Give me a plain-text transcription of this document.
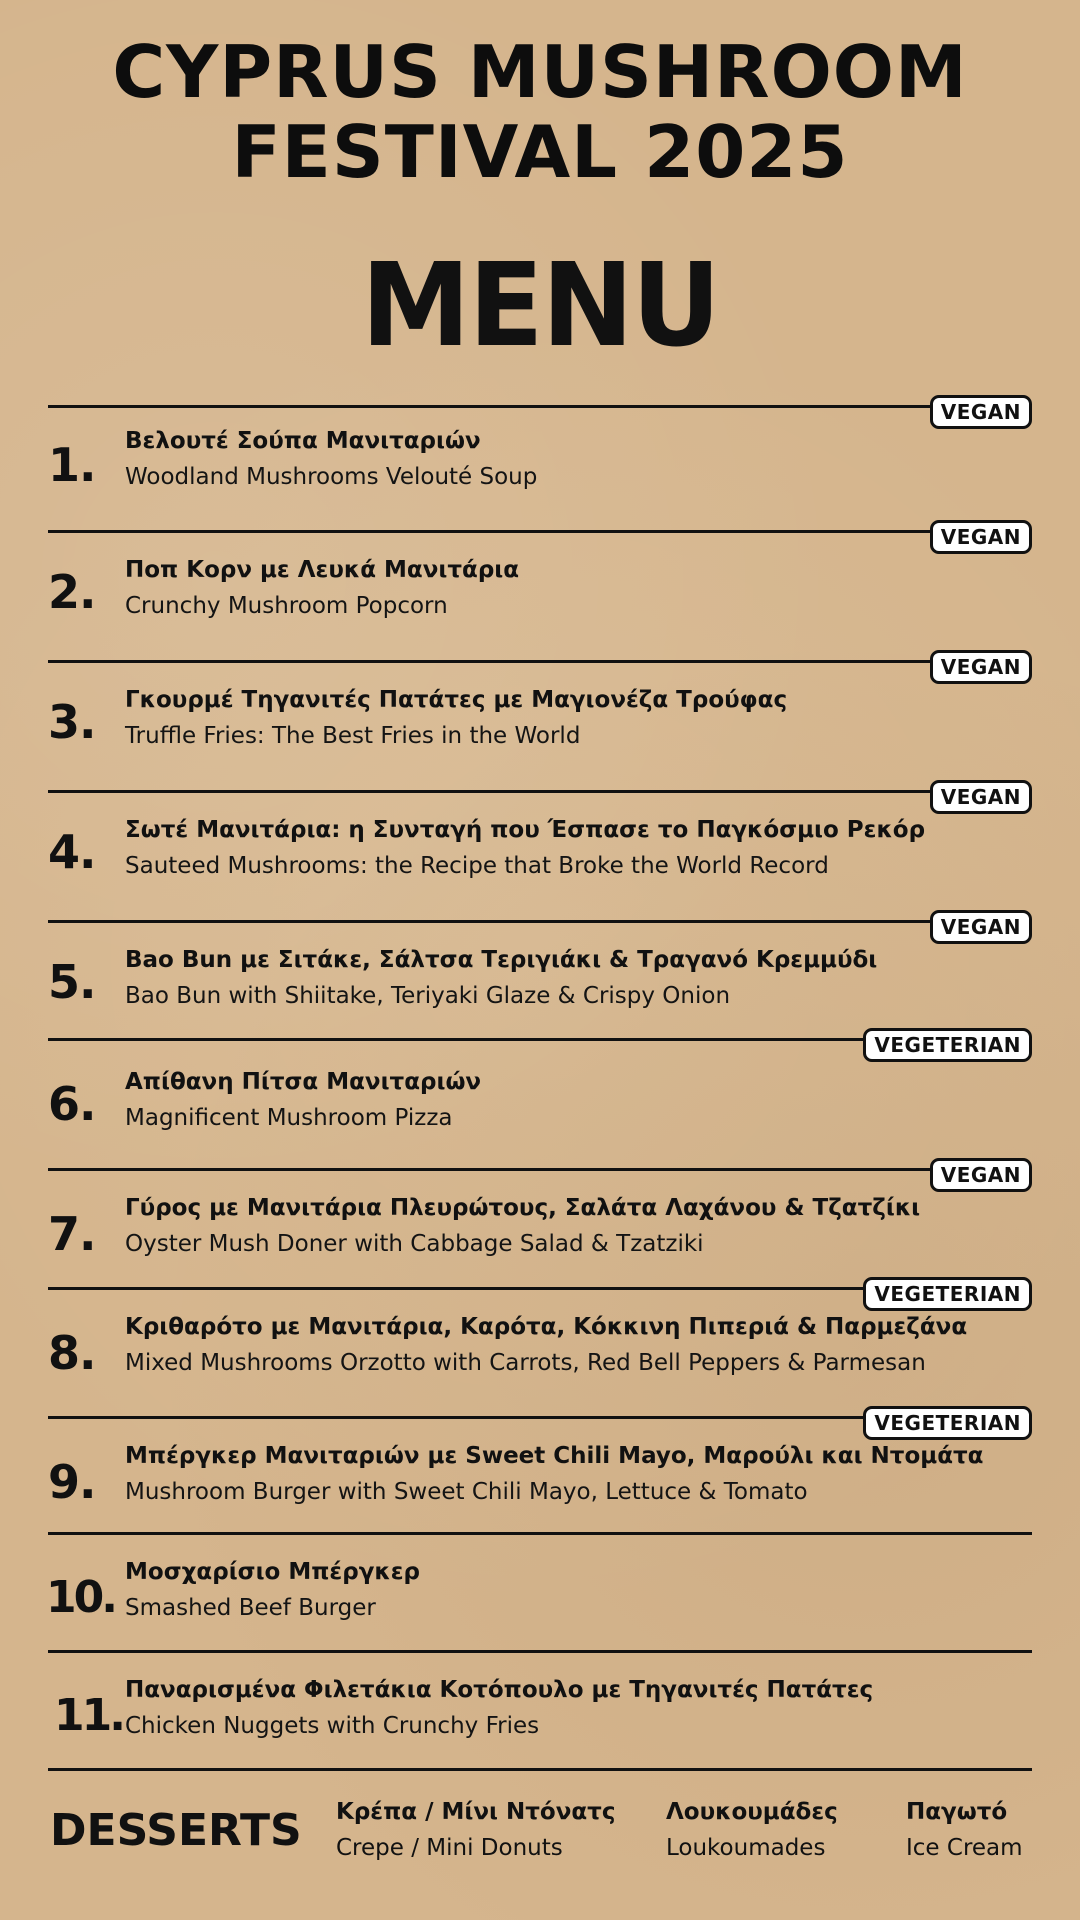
CYPRUS MUSHROOM
FESTIVAL 2025
MENU
VEGAN
1.	Βελουτέ Σούπα Μανιταριών
Woodland Mushrooms Velouté Soup
VEGAN
2.	Ποπ Κορν με Λευκά Μανιτάρια
Crunchy Mushroom Popcorn
VEGAN
3.	Γκουρμέ Τηγανιτές Πατάτες με Μαγιονέζα Τρούφας
Truffle Fries: The Best Fries in the World
VEGAN
4.	Σωτέ Μανιτάρια: η Συνταγή που Έσπασε το Παγκόσμιο Ρεκόρ
Sauteed Mushrooms: the Recipe that Broke the World Record
VEGAN
5.	Bao Bun με Σιτάκε, Σάλτσα Τεριγιάκι & Τραγανό Κρεμμύδι
Bao Bun with Shiitake, Teriyaki Glaze & Crispy Onion
VEGETERIAN
6.	Απίθανη Πίτσα Μανιταριών
Magnificent Mushroom Pizza
VEGAN
7.	Γύρος με Μανιτάρια Πλευρώτους, Σαλάτα Λαχάνου & Τζατζίκι
Oyster Mush Doner with Cabbage Salad & Tzatziki
VEGETERIAN
8.	Κριθαρότο με Μανιτάρια, Καρότα, Κόκκινη Πιπεριά & Παρμεζάνα
Mixed Mushrooms Orzotto with Carrots, Red Bell Peppers & Parmesan
VEGETERIAN
9.	Μπέργκερ Μανιταριών με Sweet Chili Mayo, Μαρούλι και Ντομάτα
Mushroom Burger with Sweet Chili Mayo, Lettuce & Tomato
10. Μοσχαρίσιο Μπέργκερ
Smashed Beef Burger
11. Παναρισμένα Φιλετάκια Κοτόπουλο με Τηγανιτές Πατάτες
Chicken Nuggets with Crunchy Fries
DESSERTS Κρέπα / Μίνι Ντόνατς
Crepe / Mini Donuts
Λουκουμάδες
Loukoumades
Παγωτό
Ice Cream
